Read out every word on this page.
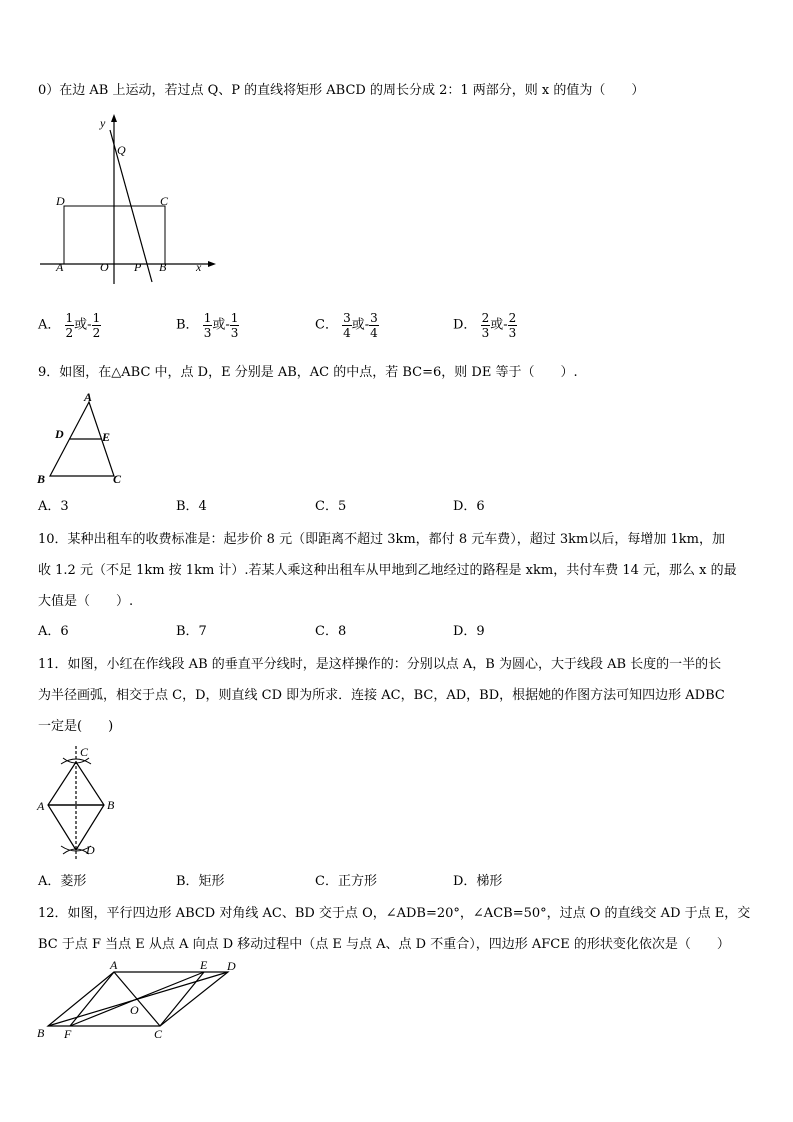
0）在边 AB 上运动，若过点 Q、P 的直线将矩形 ABCD 的周长分成 2：1 两部分，则 x 的值为（　　）
y
Q
D	C
A	O P B x
A． $\frac{1}{2}$ 或- $\frac{1}{2}$	B． $\frac{1}{3}$ 或- $\frac{1}{3}$	C． $\frac{3}{4}$ 或- $\frac{3}{4}$	D． $\frac{2}{3}$ 或- $\frac{2}{3}$
9．如图，在△ABC 中，点 D，E 分别是 AB，AC 的中点，若 BC=6，则 DE 等于（　　）.
A
D	E
B	C
A．3	B．4	C．5	D．6
10．某种出租车的收费标准是：起步价 8 元（即距离不超过 3km，都付 8 元车费），超过 3km以后，每增加 1km，加
收 1.2 元（不足 1km 按 1km 计）.若某人乘这种出租车从甲地到乙地经过的路程是 xkm，共付车费 14 元，那么 x 的最
大值是（　　）.
A．6	B．7	C．8	D．9
11．如图，小红在作线段 AB 的垂直平分线时，是这样操作的：分别以点 A，B 为圆心，大于线段 AB 长度的一半的长
为半径画弧，相交于点 C，D，则直线 CD 即为所求．连接 AC，BC，AD，BD，根据她的作图方法可知四边形 ADBC
一定是(　　)
C
A	B
D
A．菱形	B．矩形	C．正方形	D．梯形
12．如图，平行四边形 ABCD 对角线 AC、BD 交于点 O，∠ADB=20°，∠ACB=50°，过点 O 的直线交 AD 于点 E，交
BC 于点 F 当点 E 从点 A 向点 D 移动过程中（点 E 与点 A、点 D 不重合），四边形 AFCE 的形状变化依次是（　　）
A	E D
O
B F	C
